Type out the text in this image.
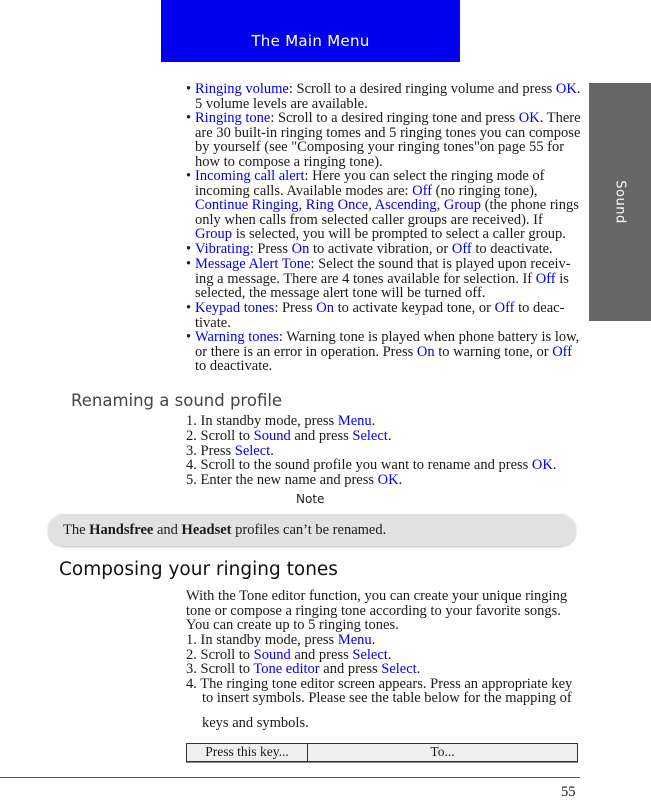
The Main Menu
Sound
• Ringing volume: Scroll to a desired ringing volume and press OK. 5 volume levels are available.
• Ringing tone: Scroll to a desired ringing tone and press OK. There are 30 built-in ringing tomes and 5 ringing tones you can compose by yourself (see "Composing your ringing tones"on page 55 for how to compose a ringing tone).
• Incoming call alert: Here you can select the ringing mode of incoming calls. Available modes are: Off (no ringing tone), Continue Ringing, Ring Once, Ascending, Group (the phone rings only when calls from selected caller groups are received). If Group is selected, you will be prompted to select a caller group.
• Vibrating: Press On to activate vibration, or Off to deactivate.
• Message Alert Tone: Select the sound that is played upon receiv-ing a message. There are 4 tones available for selection. If Off is selected, the message alert tone will be turned off.
• Keypad tones: Press On to activate keypad tone, or Off to deac-tivate.
• Warning tones: Warning tone is played when phone battery is low, or there is an error in operation. Press On to warning tone, or Off to deactivate.
Renaming a sound profile
1. In standby mode, press Menu.
2. Scroll to Sound and press Select.
3. Press Select.
4. Scroll to the sound profile you want to rename and press OK.
5. Enter the new name and press OK.
Note
The Handsfree and Headset profiles can’t be renamed.
Composing your ringing tones
With the Tone editor function, you can create your unique ringing
tone or compose a ringing tone according to your favorite songs.
You can create up to 5 ringing tones.
1. In standby mode, press Menu.
2. Scroll to Sound and press Select.
3. Scroll to Tone editor and press Select.
4. The ringing tone editor screen appears. Press an appropriate key
to insert symbols. Please see the table below for the mapping of
keys and symbols.
Press this key...	To...
55
